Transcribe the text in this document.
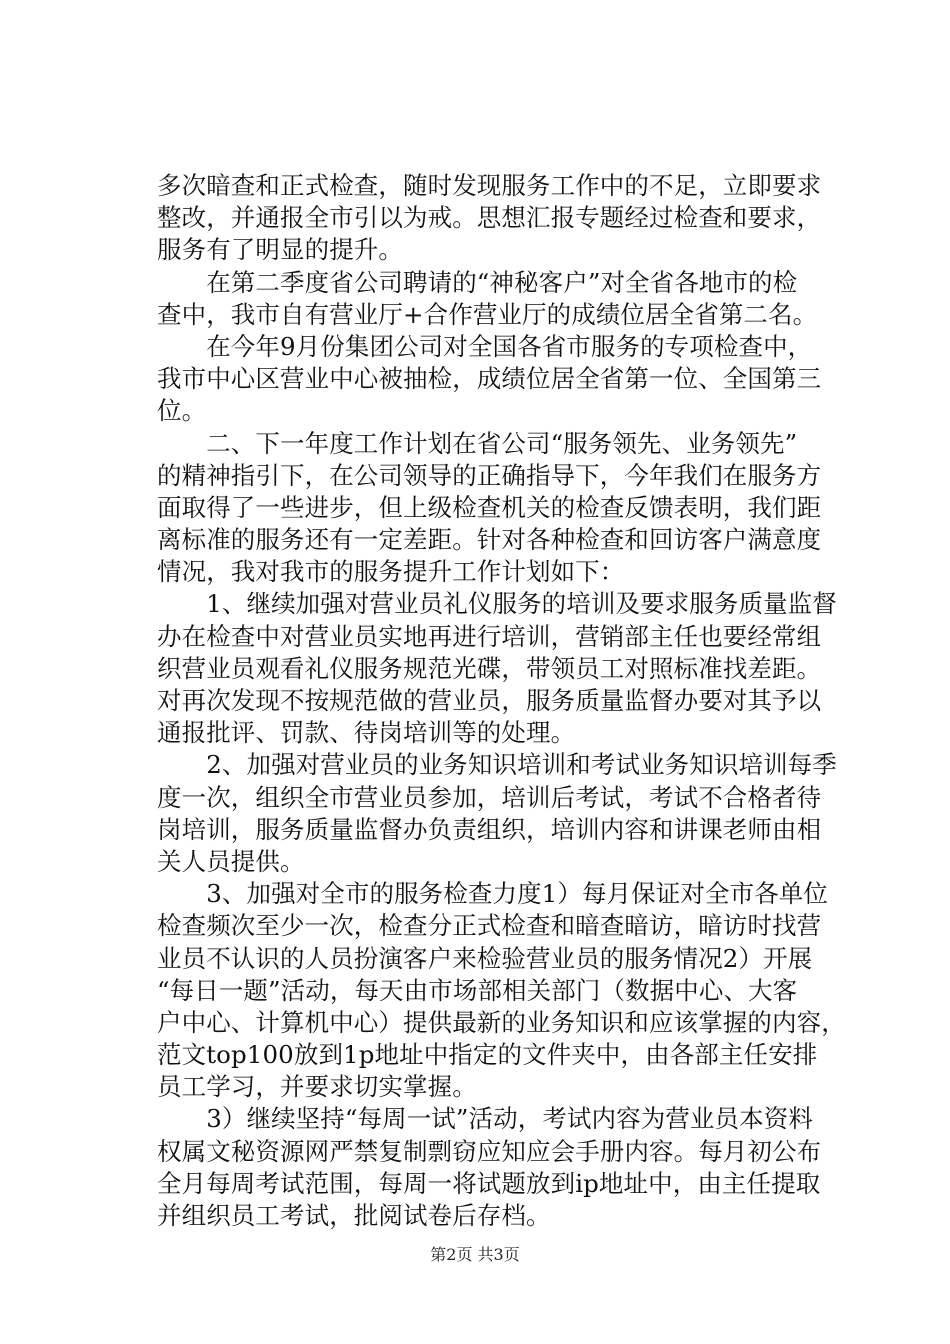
多次暗查和正式检查，随时发现服务工作中的不足，立即要求
整改，并通报全市引以为戒。思想汇报专题经过检查和要求，
服务有了明显的提升。
　　在第二季度省公司聘请的“神秘客户”对全省各地市的检
查中，我市自有营业厅+合作营业厅的成绩位居全省第二名。
　　在今年9月份集团公司对全国各省市服务的专项检查中，
我市中心区营业中心被抽检，成绩位居全省第一位、全国第三
位。
　　二、下一年度工作计划在省公司“服务领先、业务领先”
的精神指引下，在公司领导的正确指导下，今年我们在服务方
面取得了一些进步，但上级检查机关的检查反馈表明，我们距
离标准的服务还有一定差距。针对各种检查和回访客户满意度
情况，我对我市的服务提升工作计划如下：
　　1、继续加强对营业员礼仪服务的培训及要求服务质量监督
办在检查中对营业员实地再进行培训，营销部主任也要经常组
织营业员观看礼仪服务规范光碟，带领员工对照标准找差距。
对再次发现不按规范做的营业员，服务质量监督办要对其予以
通报批评、罚款、待岗培训等的处理。
　　2、加强对营业员的业务知识培训和考试业务知识培训每季
度一次，组织全市营业员参加，培训后考试，考试不合格者待
岗培训，服务质量监督办负责组织，培训内容和讲课老师由相
关人员提供。
　　3、加强对全市的服务检查力度1）每月保证对全市各单位
检查频次至少一次，检查分正式检查和暗查暗访，暗访时找营
业员不认识的人员扮演客户来检验营业员的服务情况2）开展
“每日一题”活动，每天由市场部相关部门（数据中心、大客
户中心、计算机中心）提供最新的业务知识和应该掌握的内容，
范文top100放到1p地址中指定的文件夹中，由各部主任安排
员工学习，并要求切实掌握。
　　3）继续坚持“每周一试”活动，考试内容为营业员本资料
权属文秘资源网严禁复制剽窃应知应会手册内容。每月初公布
全月每周考试范围，每周一将试题放到ip地址中，由主任提取
并组织员工考试，批阅试卷后存档。
第2页 共3页
